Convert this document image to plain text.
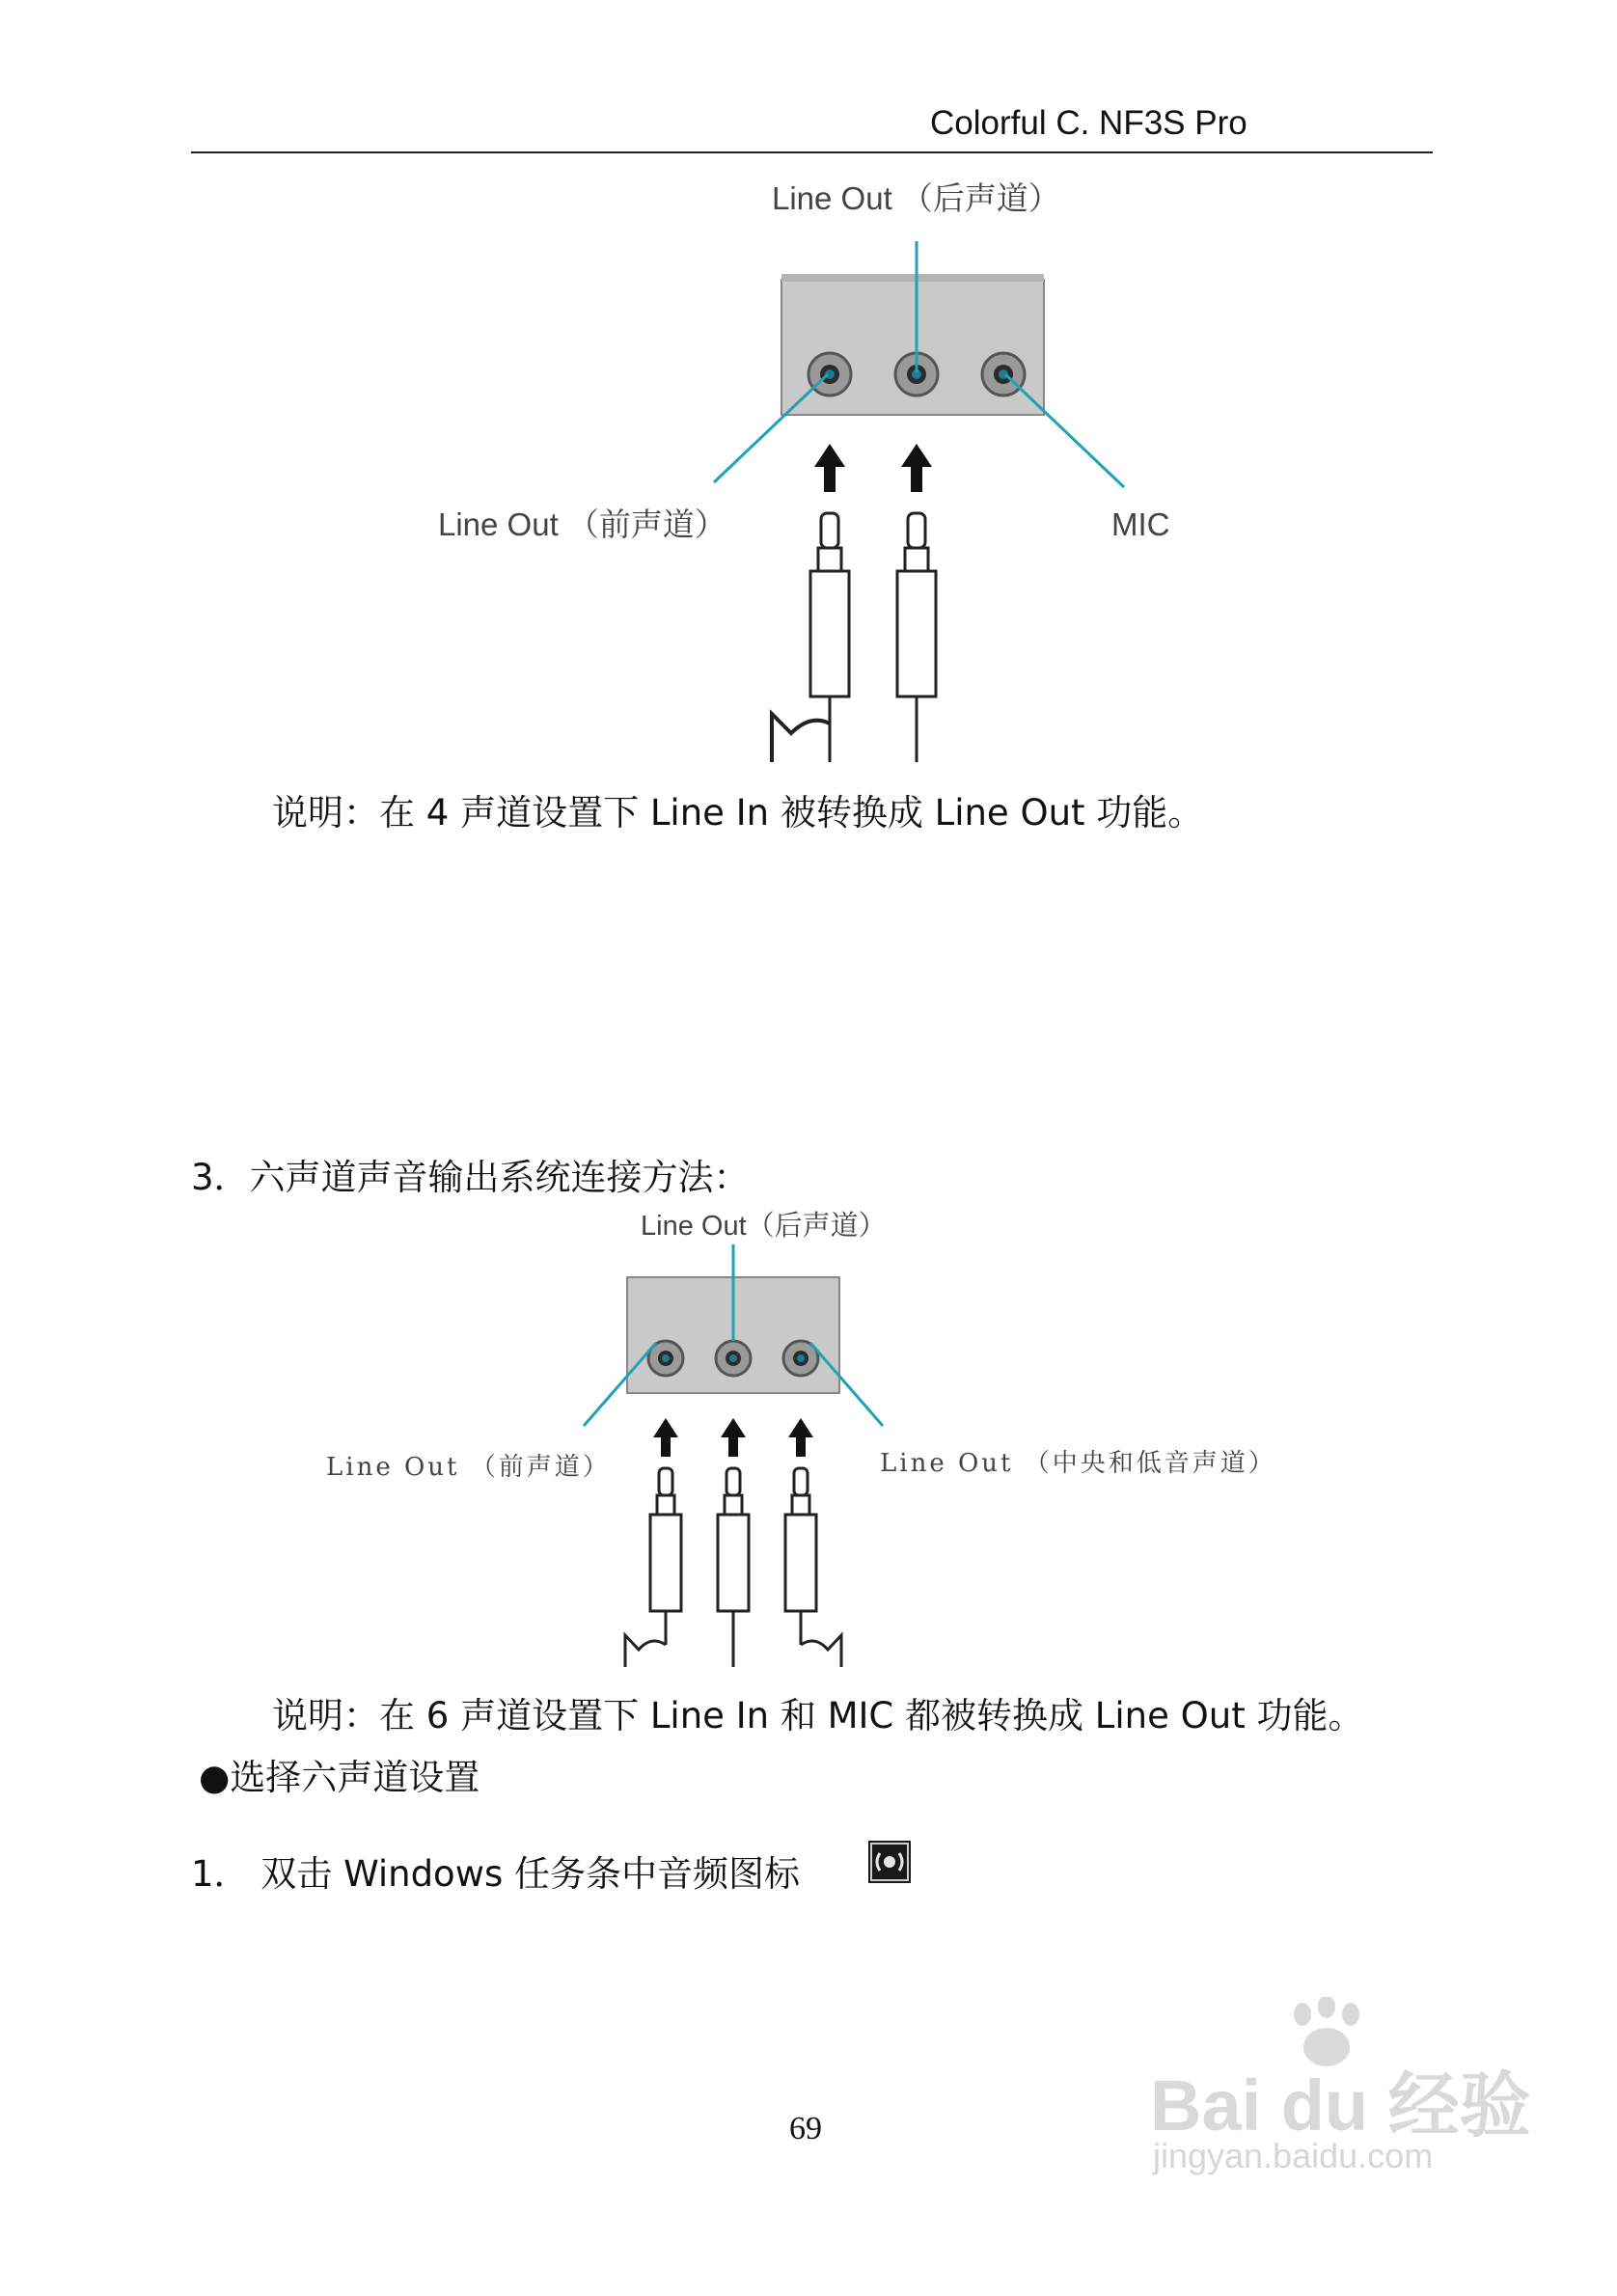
Colorful C. NF3S Pro
Line Out （后声道）
Line Out （前声道）	MIC
说明：在 4 声道设置下 Line In 被转换成 Line Out 功能。
3．六声道声音输出系统连接方法：
Line Out（后声道）
Line Out （前声道）	Line Out （中央和低音声道）
说明：在 6 声道设置下 Line In 和 MIC 都被转换成 Line Out 功能。
●选择六声道设置
1． 双击 Windows 任务条中音频图标
69	Bai du 经验
jingyan.baidu.com
